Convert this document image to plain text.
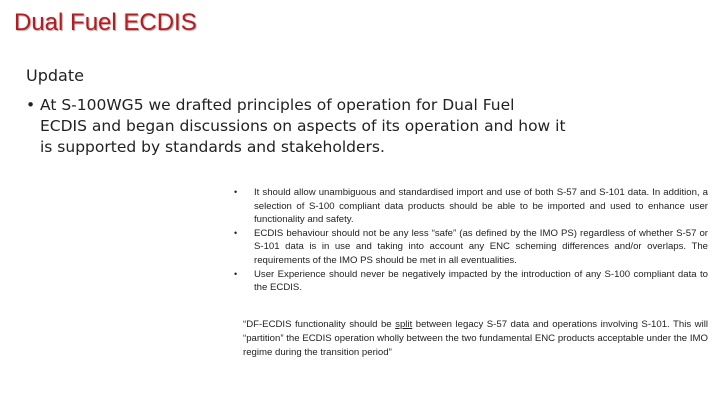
Dual Fuel ECDIS
Update
• At S-100WG5 we drafted principles of operation for Dual Fuel ECDIS and began discussions on aspects of its operation and how it is supported by standards and stakeholders.
•	It should allow unambiguous and standardised import and use of both S-57 and S-101 data. In addition, a selection of S-100 compliant data products should be able to be imported and used to enhance user functionality and safety.
•	ECDIS behaviour should not be any less “safe” (as defined by the IMO PS) regardless of whether S-57 or S-101 data is in use and taking into account any ENC scheming differences and/or overlaps. The requirements of the IMO PS should be met in all eventualities.
•	User Experience should never be negatively impacted by the introduction of any S-100 compliant data to the ECDIS.
“DF-ECDIS functionality should be split between legacy S-57 data and operations involving S-101. This will “partition” the ECDIS operation wholly between the two fundamental ENC products acceptable under the IMO regime during the transition period”
